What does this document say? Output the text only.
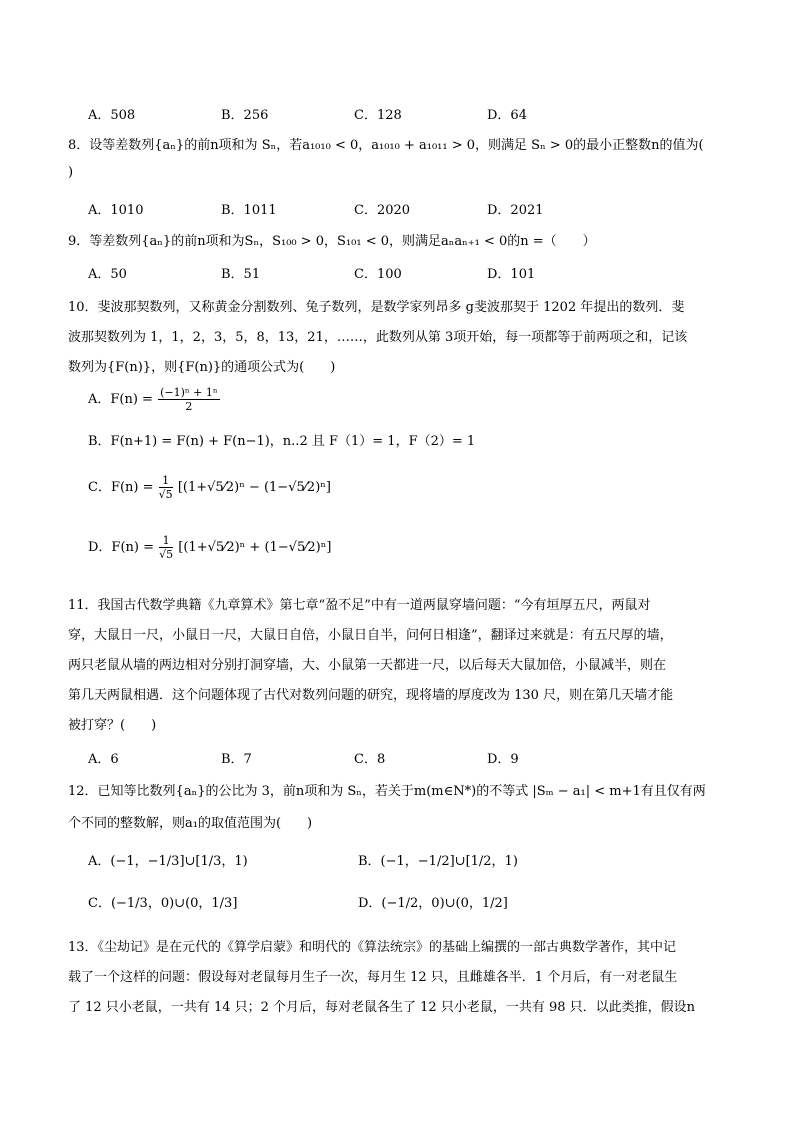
A．508	B．256	C．128	D．64
8．设等差数列{aₙ}的前n项和为 Sₙ，若a₁₀₁₀ < 0，a₁₀₁₀ + a₁₀₁₁ > 0，则满足 Sₙ > 0的最小正整数n的值为(
)
A．1010	B．1011	C．2020	D．2021
9．等差数列{aₙ}的前n项和为Sₙ，S₁₀₀ > 0，S₁₀₁ < 0，则满足aₙaₙ₊₁ < 0的n =（　　）
A．50	B．51	C．100	D．101
10．斐波那契数列，又称黄金分割数列、兔子数列，是数学家列昂多 g斐波那契于 1202 年提出的数列．斐
波那契数列为 1，1，2，3，5，8，13，21，……，此数列从第 3项开始，每一项都等于前两项之和，记该
数列为{F(n)}，则{F(n)}的通项公式为(　　)
A．$F(n) = \frac{\text{(−1)ⁿ + 1ⁿ}}{2}$
B．F(n+1) = F(n) + F(n−1)，n..2 且 F（1）= 1，F（2）= 1
C．$F(n) = \frac{1}{√5}$ [(1+√5⁄2)ⁿ − (1−√5⁄2)ⁿ]
D．$F(n) = \frac{1}{√5}$ [(1+√5⁄2)ⁿ + (1−√5⁄2)ⁿ]
11．我国古代数学典籍《九章算术》第七章“盈不足”中有一道两鼠穿墙问题：“今有垣厚五尺，两鼠对
穿，大鼠日一尺，小鼠日一尺，大鼠日自倍，小鼠日自半，问何日相逢”，翻译过来就是：有五尺厚的墙，
两只老鼠从墙的两边相对分别打洞穿墙，大、小鼠第一天都进一尺，以后每天大鼠加倍，小鼠减半，则在
第几天两鼠相遇．这个问题体现了古代对数列问题的研究，现将墙的厚度改为 130 尺，则在第几天墙才能
被打穿？(　　)
A．6	B．7	C．8	D．9
12．已知等比数列{aₙ}的公比为 3，前n项和为 Sₙ，若关于m(m∈N*)的不等式 |Sₘ − a₁| < m+1有且仅有两
个不同的整数解，则a₁的取值范围为(　　)
A．(−1，−1/3]∪[1/3，1)	B．(−1，−1/2]∪[1/2，1)
C．(−1/3，0)∪(0，1/3]	D．(−1/2，0)∪(0，1/2]
13．《尘劫记》是在元代的《算学启蒙》和明代的《算法统宗》的基础上编撰的一部古典数学著作，其中记
载了一个这样的问题：假设每对老鼠每月生子一次，每月生 12 只，且雌雄各半．1 个月后，有一对老鼠生
了 12 只小老鼠，一共有 14 只；2 个月后，每对老鼠各生了 12 只小老鼠，一共有 98 只．以此类推，假设n
